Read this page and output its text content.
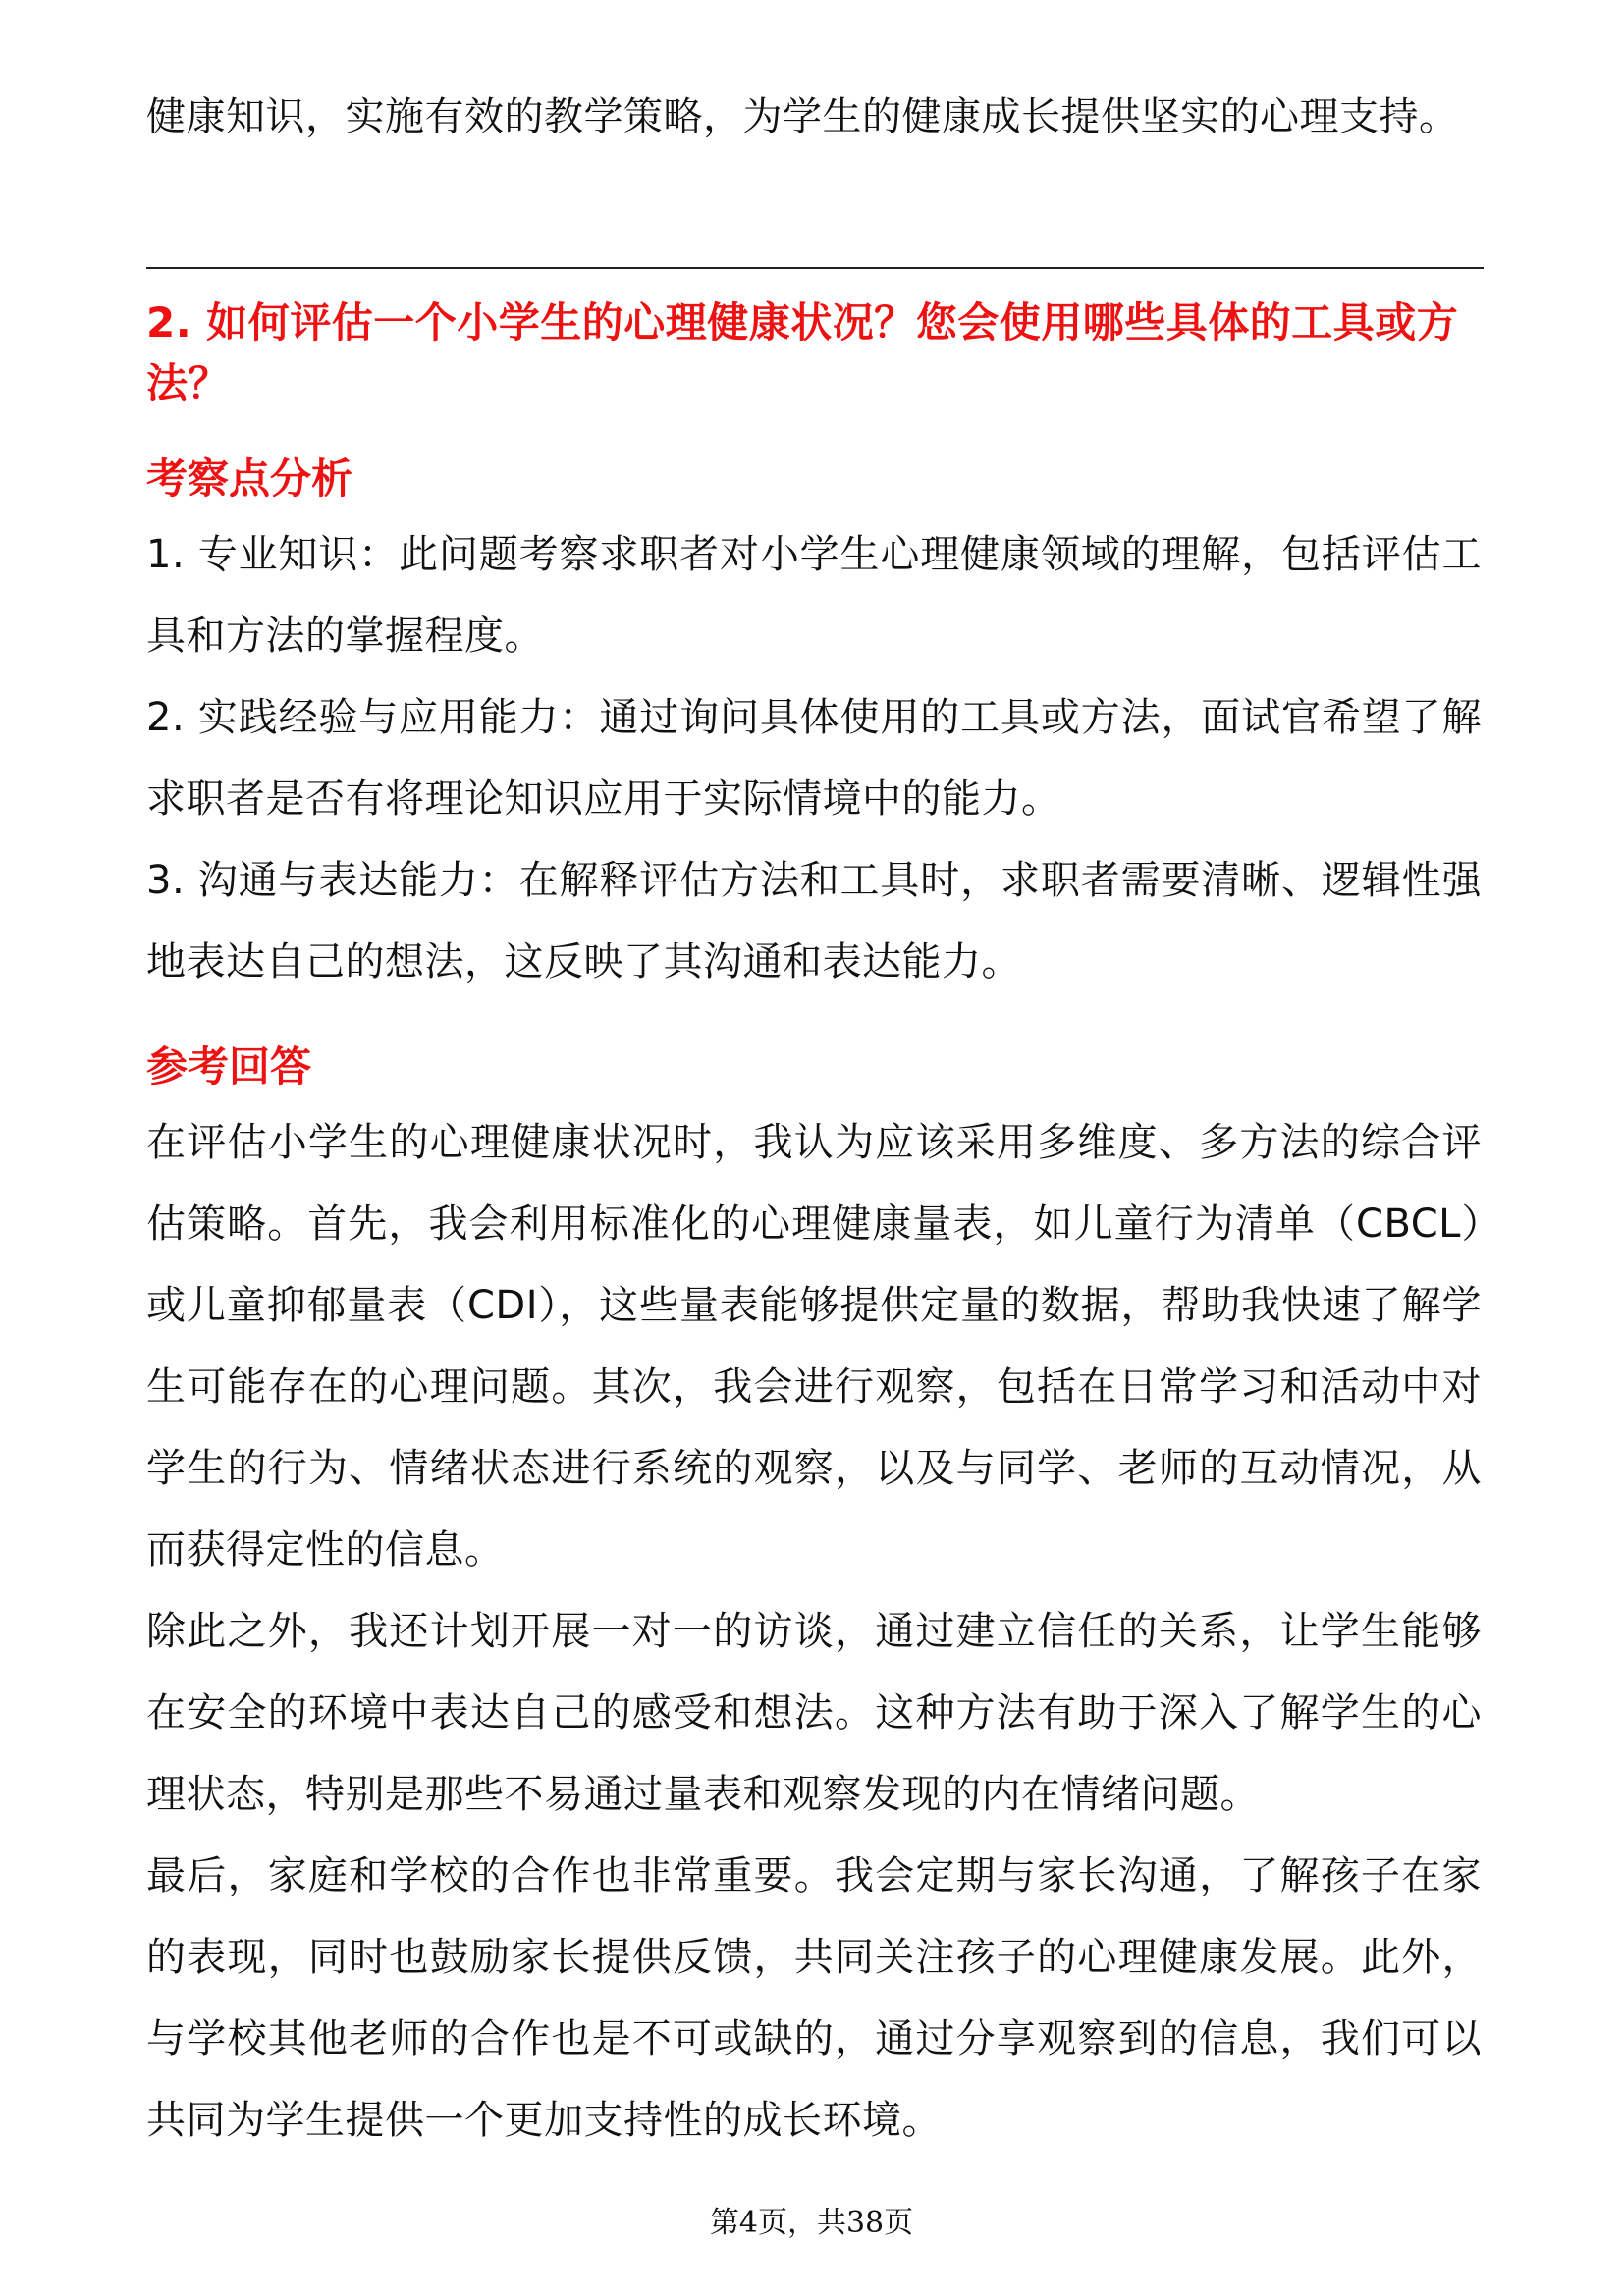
健康知识，实施有效的教学策略，为学生的健康成长提供坚实的心理支持。

2. 如何评估一个小学生的心理健康状况？您会使用哪些具体的工具或方法？
考察点分析
1. 专业知识：此问题考察求职者对小学生心理健康领域的理解，包括评估工具和方法的掌握程度。
2. 实践经验与应用能力：通过询问具体使用的工具或方法，面试官希望了解求职者是否有将理论知识应用于实际情境中的能力。
3. 沟通与表达能力：在解释评估方法和工具时，求职者需要清晰、逻辑性强地表达自己的想法，这反映了其沟通和表达能力。
参考回答

在评估小学生的心理健康状况时，我认为应该采用多维度、多方法的综合评估策略。首先，我会利用标准化的心理健康量表，如儿童行为清单（CBCL）或儿童抑郁量表（CDI），这些量表能够提供定量的数据，帮助我快速了解学生可能存在的心理问题。其次，我会进行观察，包括在日常学习和活动中对学生的行为、情绪状态进行系统的观察，以及与同学、老师的互动情况，从而获得定性的信息。

除此之外，我还计划开展一对一的访谈，通过建立信任的关系，让学生能够在安全的环境中表达自己的感受和想法。这种方法有助于深入了解学生的心理状态，特别是那些不易通过量表和观察发现的内在情绪问题。

最后，家庭和学校的合作也非常重要。我会定期与家长沟通，了解孩子在家的表现，同时也鼓励家长提供反馈，共同关注孩子的心理健康发展。此外，与学校其他老师的合作也是不可或缺的，通过分享观察到的信息，我们可以共同为学生提供一个更加支持性的成长环境。

第4页，共38页
